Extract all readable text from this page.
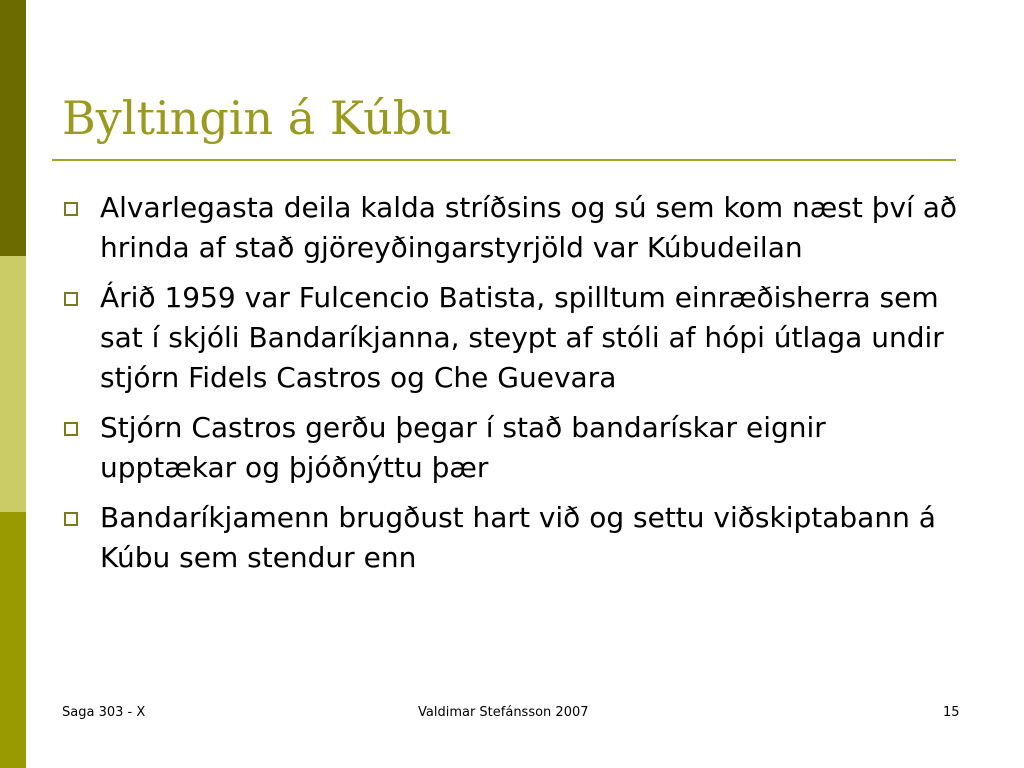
Byltingin á Kúbu
Alvarlegasta deila kalda stríðsins og sú sem kom næst því að hrinda af stað gjöreyðingarstyrjöld var Kúbudeilan
Árið 1959 var Fulcencio Batista, spilltum einræðisherra sem sat í skjóli Bandaríkjanna, steypt af stóli af hópi útlaga undir stjórn Fidels Castros og Che Guevara
Stjórn Castros gerðu þegar í stað bandarískar eignir upptækar og þjóðnýttu þær
Bandaríkjamenn brugðust hart við og settu viðskiptabann á Kúbu sem stendur enn
Saga 303 - X	Valdimar Stefánsson 2007	15
